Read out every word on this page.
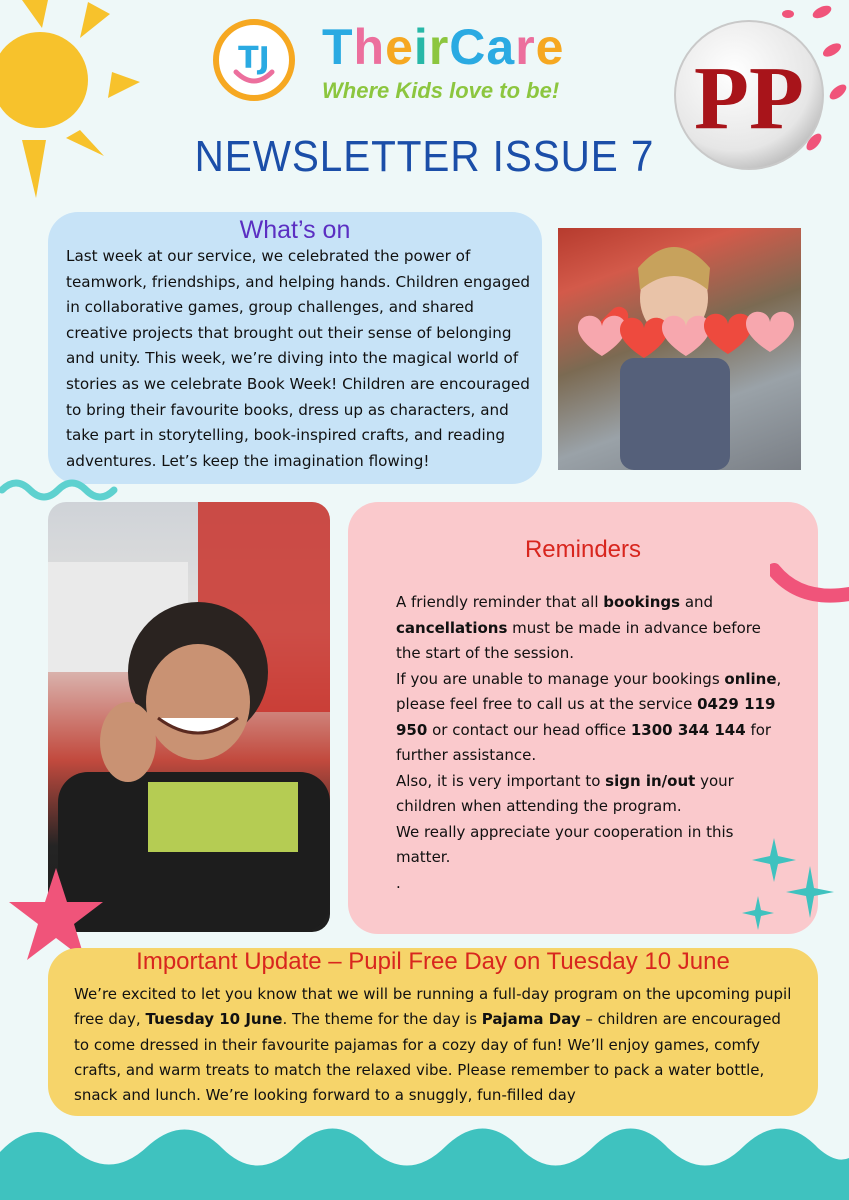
TJ TheirCare
Where Kids love to be! PP
NEWSLETTER ISSUE 7
What’s on
Last week at our service, we celebrated the power of teamwork, friendships, and helping hands. Children engaged in collaborative games, group challenges, and shared creative projects that brought out their sense of belonging and unity. This week, we’re diving into the magical world of stories as we celebrate Book Week! Children are encouraged to bring their favourite books, dress up as characters, and take part in storytelling, book-inspired crafts, and reading adventures. Let’s keep the imagination flowing!
Reminders

A friendly reminder that all bookings and cancellations must be made in advance before the start of the session.

If you are unable to manage your bookings online, please feel free to call us at the service 0429 119 950 or contact our head office 1300 344 144 for further assistance.

Also, it is very important to sign in/out your children when attending the program.

We really appreciate your cooperation in this matter.

.

Important Update – Pupil Free Day on Tuesday 10 June
We’re excited to let you know that we will be running a full-day program on the upcoming pupil free day, Tuesday 10 June. The theme for the day is Pajama Day – children are encouraged to come dressed in their favourite pajamas for a cozy day of fun! We’ll enjoy games, comfy crafts, and warm treats to match the relaxed vibe. Please remember to pack a water bottle, snack and lunch. We’re looking forward to a snuggly, fun-filled day
